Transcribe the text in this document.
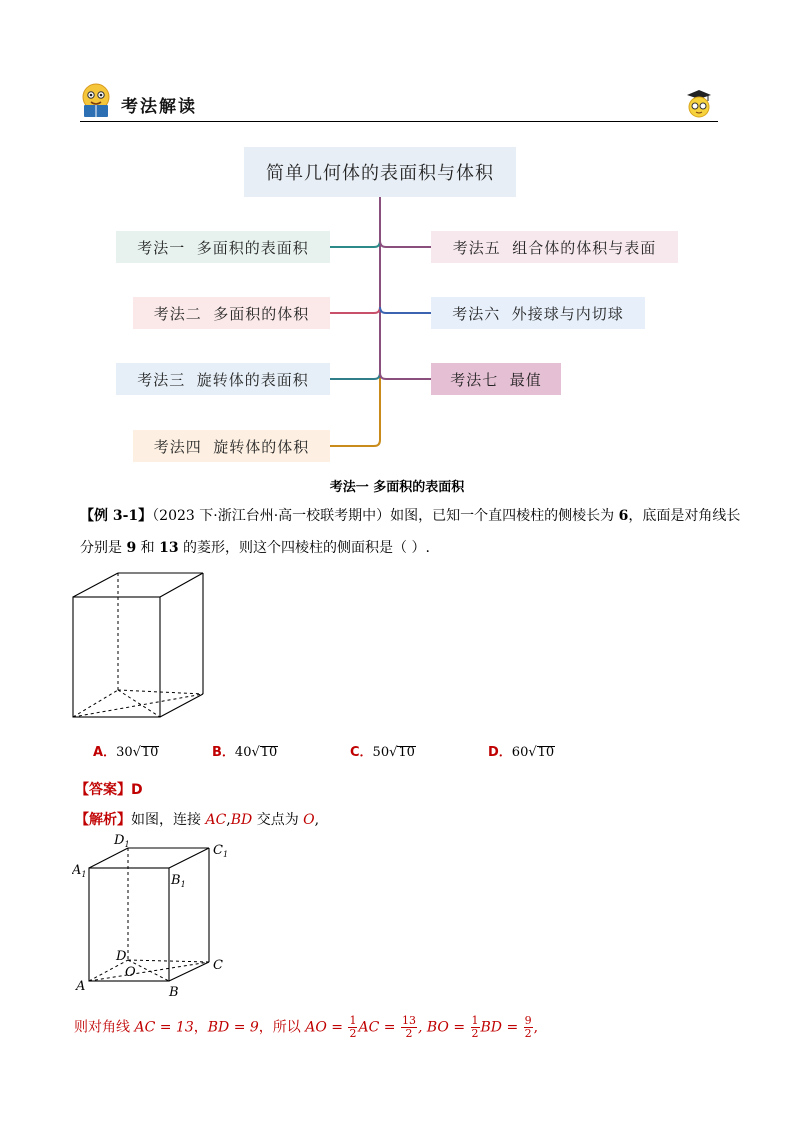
考法解读
简单几何体的表面积与体积
考法一  多面积的表面积
考法二  多面积的体积
考法三  旋转体的表面积
考法四  旋转体的体积
考法五  组合体的体积与表面
考法六  外接球与内切球
考法七  最值
考法一 多面积的表面积
【例 3-1】（2023 下·浙江台州·高一校联考期中）如图，已知一个直四棱柱的侧棱长为 6，底面是对角线长
分别是 9 和 13 的菱形，则这个四棱柱的侧面积是（ ）.
A．30√10	B．40√10	C．50√10	D．60√10
【答案】D
【解析】如图，连接 AC,BD 交点为 O,
$D_1$	$C_1$
$A_1$	$B_1$
D
O	C
A	B
则对角线 AC = 13，BD = 9，所以 AO = $\frac{1}{2}$ AC = $\frac{13}{2}$ , BO = $\frac{1}{2}$ BD = $\frac{9}{2}$ ,
